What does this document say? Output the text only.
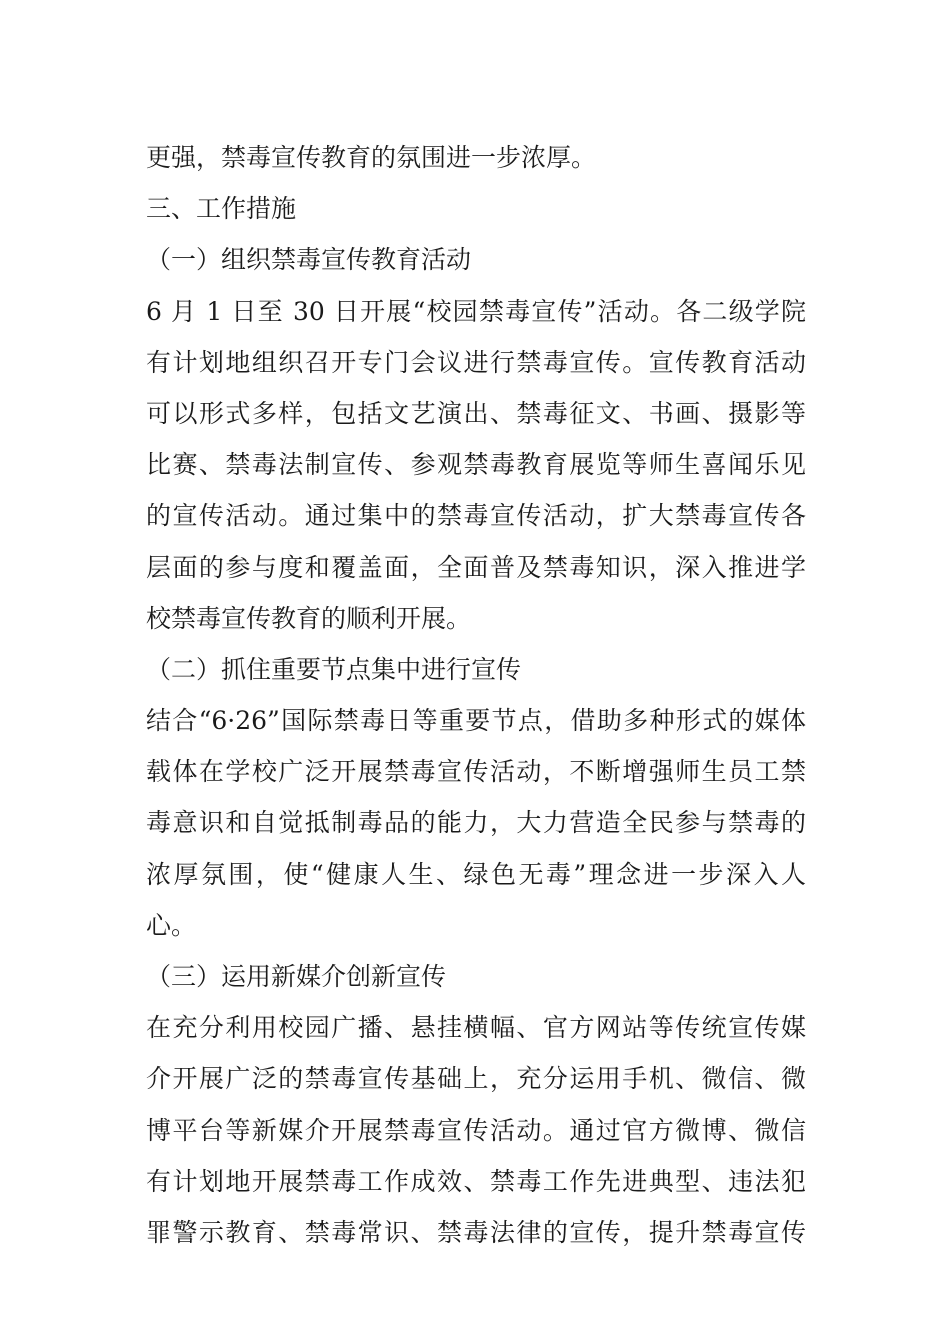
更强，禁毒宣传教育的氛围进一步浓厚。
三、工作措施
（一）组织禁毒宣传教育活动
6 月 1 日至 30 日开展“校园禁毒宣传”活动。各二级学院
有计划地组织召开专门会议进行禁毒宣传。宣传教育活动
可以形式多样，包括文艺演出、禁毒征文、书画、摄影等
比赛、禁毒法制宣传、参观禁毒教育展览等师生喜闻乐见
的宣传活动。通过集中的禁毒宣传活动，扩大禁毒宣传各
层面的参与度和覆盖面，全面普及禁毒知识，深入推进学
校禁毒宣传教育的顺利开展。
（二）抓住重要节点集中进行宣传
结合“6·26”国际禁毒日等重要节点，借助多种形式的媒体
载体在学校广泛开展禁毒宣传活动，不断增强师生员工禁
毒意识和自觉抵制毒品的能力，大力营造全民参与禁毒的
浓厚氛围，使“健康人生、绿色无毒”理念进一步深入人
心。
（三）运用新媒介创新宣传
在充分利用校园广播、悬挂横幅、官方网站等传统宣传媒
介开展广泛的禁毒宣传基础上，充分运用手机、微信、微
博平台等新媒介开展禁毒宣传活动。通过官方微博、微信
有计划地开展禁毒工作成效、禁毒工作先进典型、违法犯
罪警示教育、禁毒常识、禁毒法律的宣传，提升禁毒宣传
